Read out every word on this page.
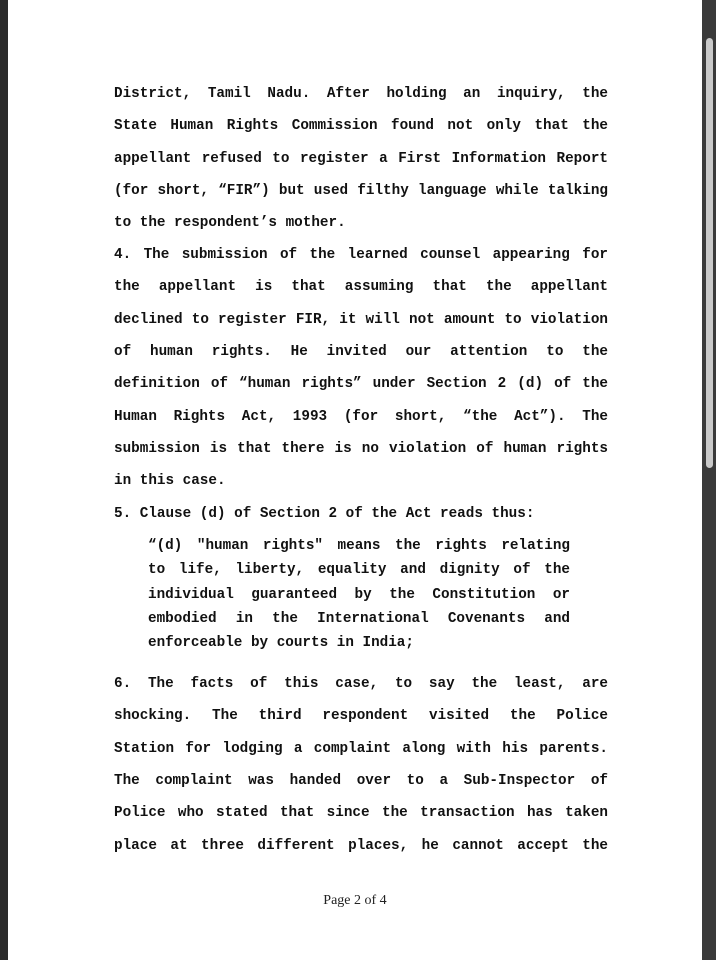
District, Tamil Nadu. After holding an inquiry, the
State Human Rights Commission found not only that the
appellant refused to register a First Information Report
(for short, “FIR”) but used filthy language while talking
to the respondent’s mother.
4. The submission of the learned counsel appearing for
the appellant is that assuming that the appellant
declined to register FIR, it will not amount to violation
of human rights. He invited our attention to the
definition of “human rights” under Section 2 (d) of the
Human Rights Act, 1993 (for short, “the Act”). The
submission is that there is no violation of human rights
in this case.
5. Clause (d) of Section 2 of the Act reads thus:
“(d) "human rights" means the rights relating
to life, liberty, equality and dignity of the
individual guaranteed by the Constitution or
embodied in the International Covenants and
enforceable by courts in India;
6. The facts of this case, to say the least, are
shocking. The third respondent visited the Police
Station for lodging a complaint along with his parents.
The complaint was handed over to a Sub-Inspector of
Police who stated that since the transaction has taken
place at three different places, he cannot accept the
Page 2 of 4
